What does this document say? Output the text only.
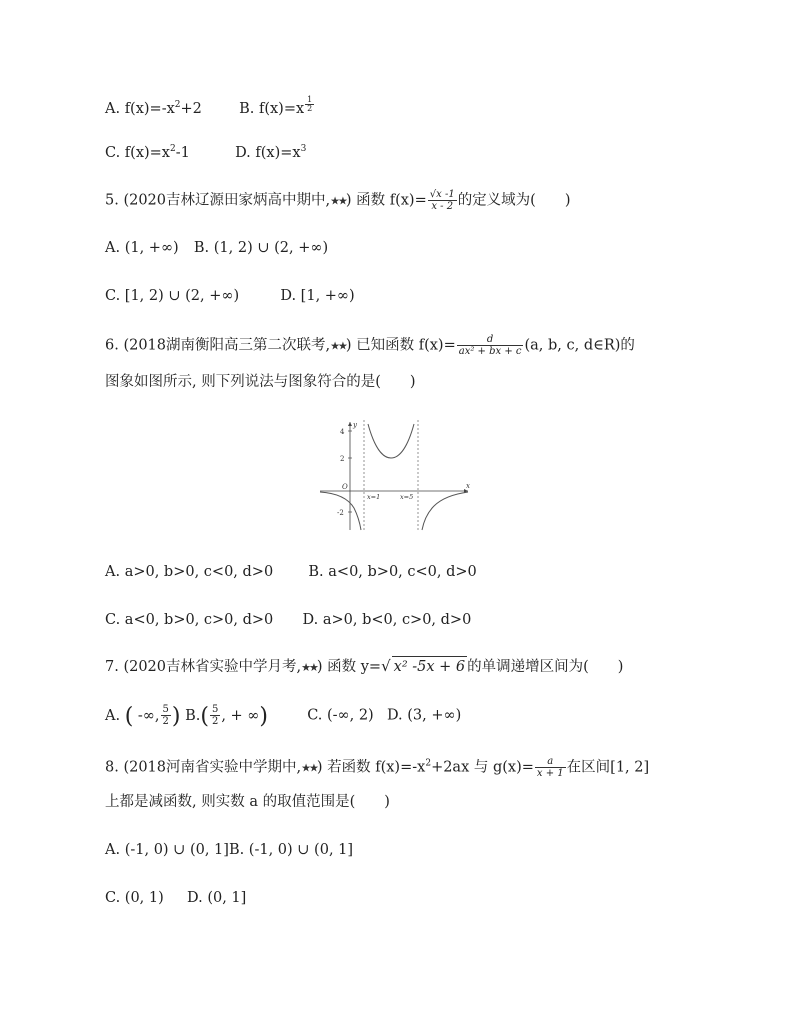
A. $f(x)=-x^2+2$	B. f(x)=x $^{\frac{1}{2}}$
C. $f(x)=x^2-1$	D. $f(x)=x^3$
5. (2020吉林辽源田家炳高中期中,★★) 函数 $f(x)= \frac{√x -1}{x - 2}$ 的定义域为(　　)
A. (1, +∞) B. (1, 2) ∪ (2, +∞)
C. [1, 2) ∪ (2, +∞)	D. [1, +∞)
6. (2018湖南衡阳高三第二次联考,★★) 已知函数 $f(x)= \frac{d}{\text{ax² + bx + c}} (a$, b, c, d∈R)的
图象如图所示, 则下列说法与图象符合的是(　　)
y
x
O
4
2
-2
x=1	x=5
A. a>0, b>0, c<0, d>0 B. a<0, b>0, c<0, d>0
C. a<0, b>0, c>0, d>0 D. a>0, b<0, c>0, d>0
7. (2020吉林省实验中学月考,★★) 函数 y=√ x² -5x + 6 的单调递增区间为(　　)
A. ( -∞, $\frac{5}{2}$ ) $B.( \frac{5}{2}$ , + ∞)	C. (-∞, 2) D. (3, +∞)
8. (2018河南省实验中学期中,★★) 若函数 $f(x)=-x^2+2ax$ 与 $g(x)= \frac{a}{x + 1}$ 在区间[1, 2]
上都是减函数, 则实数 a 的取值范围是(　　)
A. (-1, 0) ∪ (0, 1]B. (-1, 0) ∪ (0, 1]
C. (0, 1) D. (0, 1]
